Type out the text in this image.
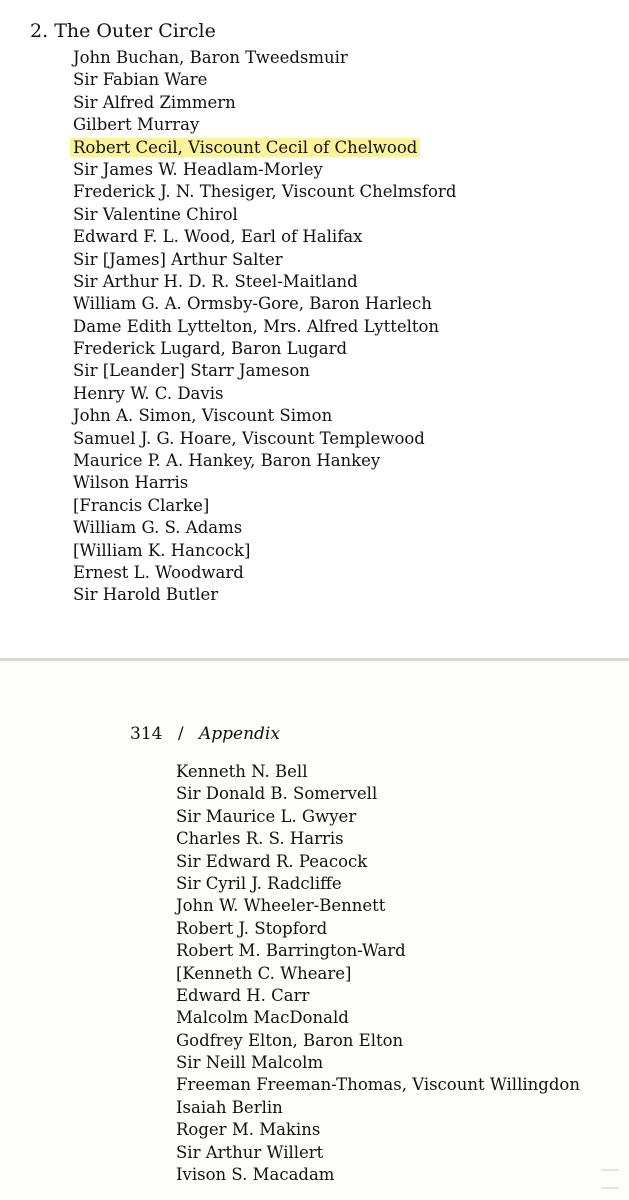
2. The Outer Circle
John Buchan, Baron Tweedsmuir
Sir Fabian Ware
Sir Alfred Zimmern
Gilbert Murray
Robert Cecil, Viscount Cecil of Chelwood
Sir James W. Headlam-Morley
Frederick J. N. Thesiger, Viscount Chelmsford
Sir Valentine Chirol
Edward F. L. Wood, Earl of Halifax
Sir [James] Arthur Salter
Sir Arthur H. D. R. Steel-Maitland
William G. A. Ormsby-Gore, Baron Harlech
Dame Edith Lyttelton, Mrs. Alfred Lyttelton
Frederick Lugard, Baron Lugard
Sir [Leander] Starr Jameson
Henry W. C. Davis
John A. Simon, Viscount Simon
Samuel J. G. Hoare, Viscount Templewood
Maurice P. A. Hankey, Baron Hankey
Wilson Harris
[Francis Clarke]
William G. S. Adams
[William K. Hancock]
Ernest L. Woodward
Sir Harold Butler
314 / Appendix
Kenneth N. Bell
Sir Donald B. Somervell
Sir Maurice L. Gwyer
Charles R. S. Harris
Sir Edward R. Peacock
Sir Cyril J. Radcliffe
John W. Wheeler-Bennett
Robert J. Stopford
Robert M. Barrington-Ward
[Kenneth C. Wheare]
Edward H. Carr
Malcolm MacDonald
Godfrey Elton, Baron Elton
Sir Neill Malcolm
Freeman Freeman-Thomas, Viscount Willingdon
Isaiah Berlin
Roger M. Makins
Sir Arthur Willert
Ivison S. Macadam
